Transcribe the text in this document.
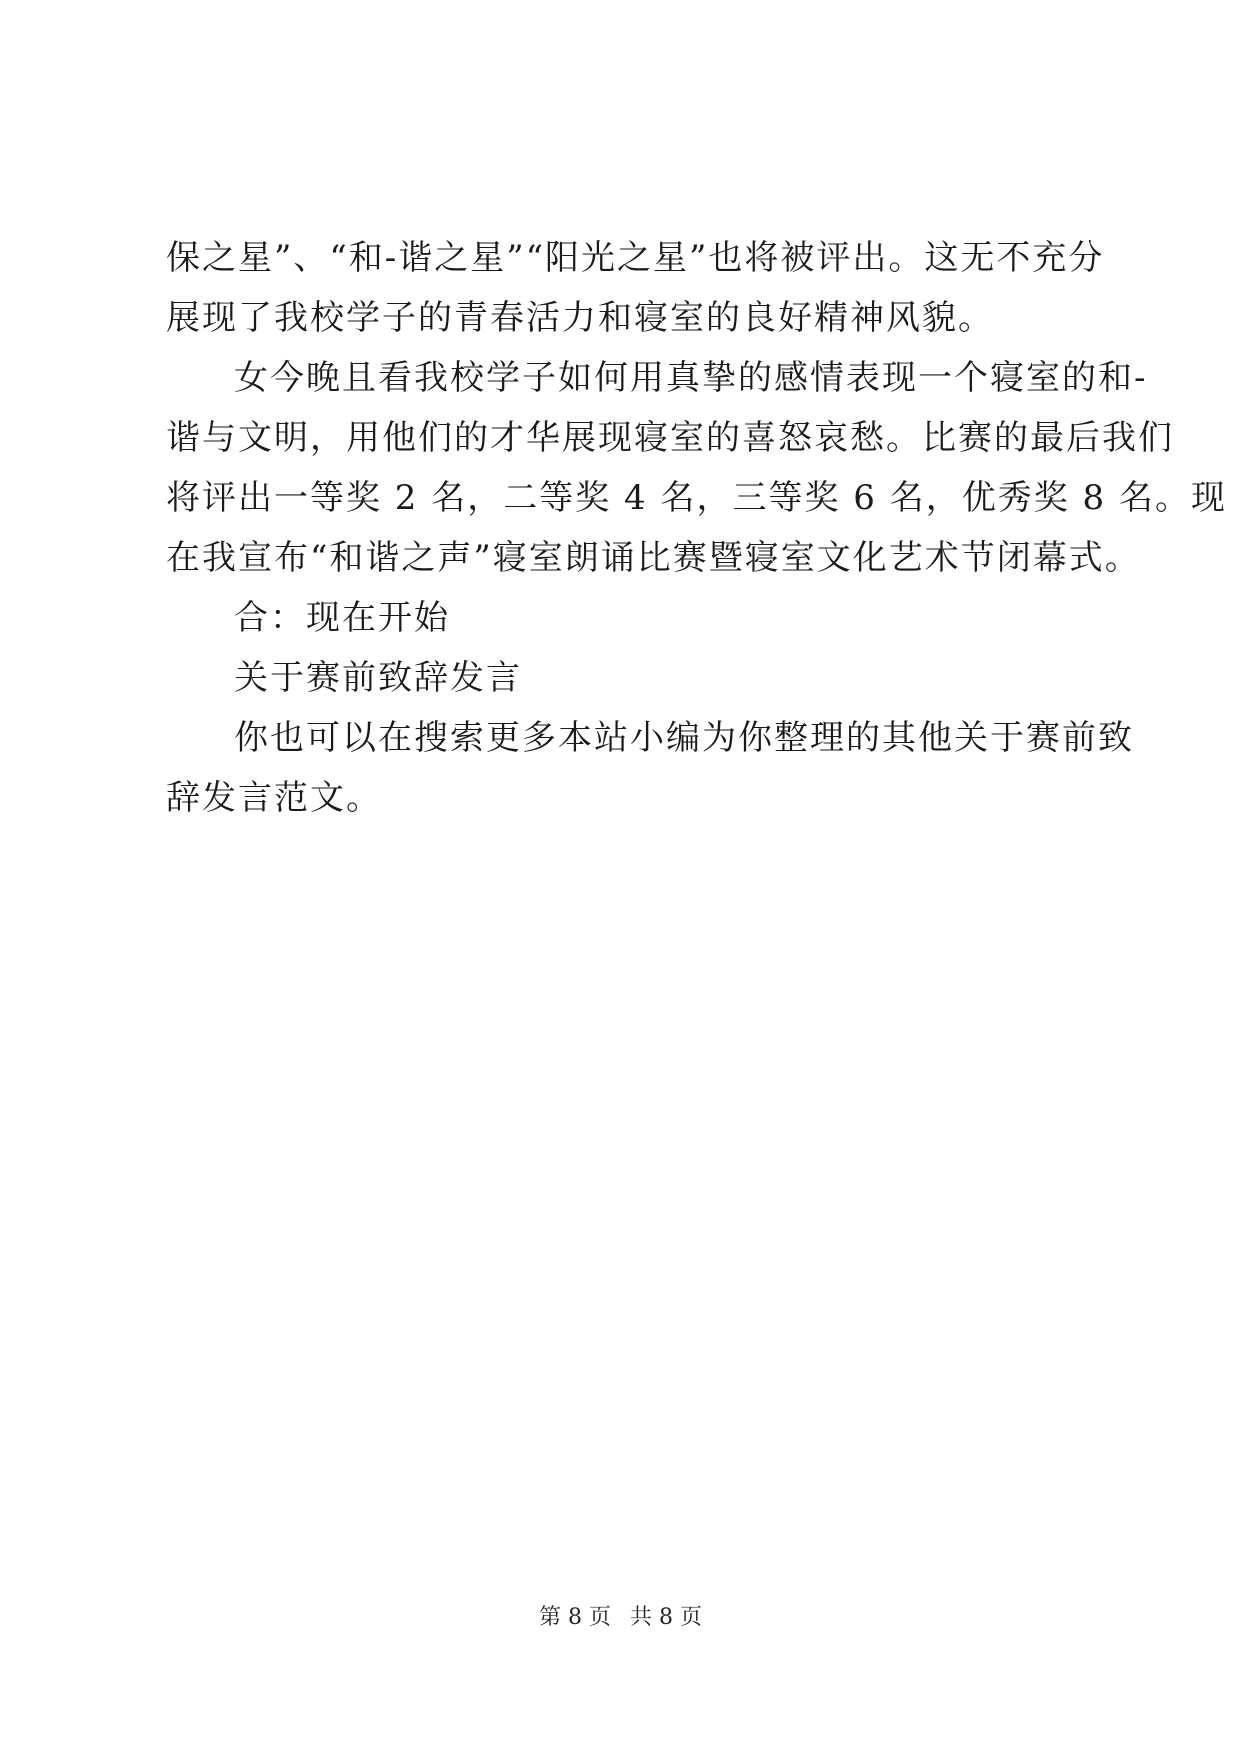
保之星”、“和-谐之星”“阳光之星”也将被评出。这无不充分
展现了我校学子的青春活力和寝室的良好精神风貌。
女今晚且看我校学子如何用真挚的感情表现一个寝室的和-
谐与文明，用他们的才华展现寝室的喜怒哀愁。比赛的最后我们
将评出一等奖 2 名，二等奖 4 名，三等奖 6 名，优秀奖 8 名。现
在我宣布“和谐之声”寝室朗诵比赛暨寝室文化艺术节闭幕式。
合：现在开始
关于赛前致辞发言
你也可以在搜索更多本站小编为你整理的其他关于赛前致
辞发言范文。
第 8 页 共 8 页
